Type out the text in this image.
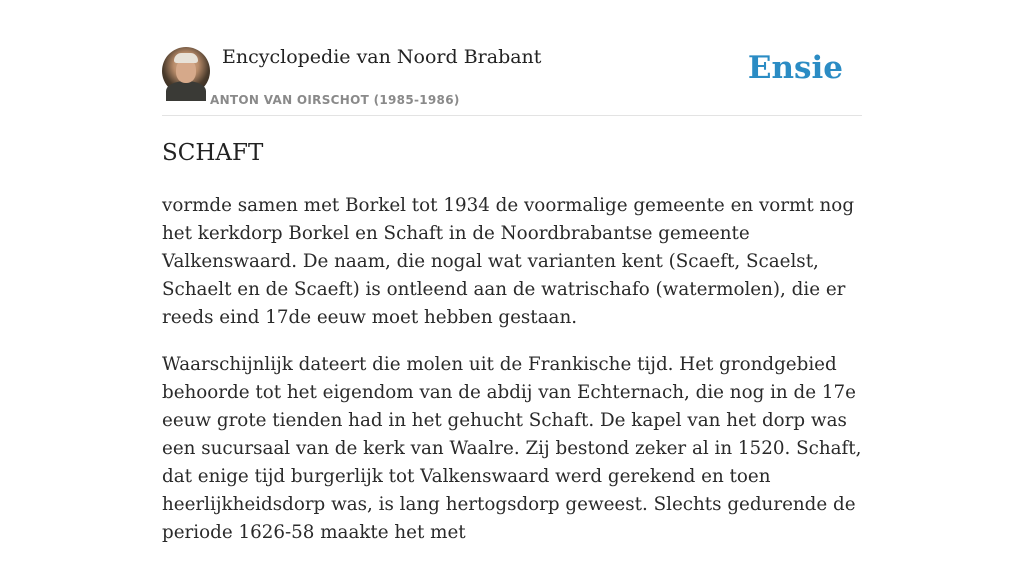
Encyclopedie van Noord Brabant
ANTON VAN OIRSCHOT (1985-1986)
Ensie
SCHAFT

vormde samen met Borkel tot 1934 de voormalige gemeente en vormt nog het kerkdorp Borkel en Schaft in de Noordbrabantse gemeente Valkenswaard. De naam, die nogal wat varianten kent (Scaeft, Scaelst, Schaelt en de Scaeft) is ontleend aan de watrischafo (watermolen), die er reeds eind 17de eeuw moet hebben gestaan.

Waarschijnlijk dateert die molen uit de Frankische tijd. Het grondgebied behoorde tot het eigendom van de abdij van Echternach, die nog in de 17e eeuw grote tienden had in het gehucht Schaft. De kapel van het dorp was een sucursaal van de kerk van Waalre. Zij bestond zeker al in 1520. Schaft, dat enige tijd burgerlijk tot Valkenswaard werd gerekend en toen heerlijkheidsdorp was, is lang hertogsdorp geweest. Slechts gedurende de periode 1626-58 maakte het met
